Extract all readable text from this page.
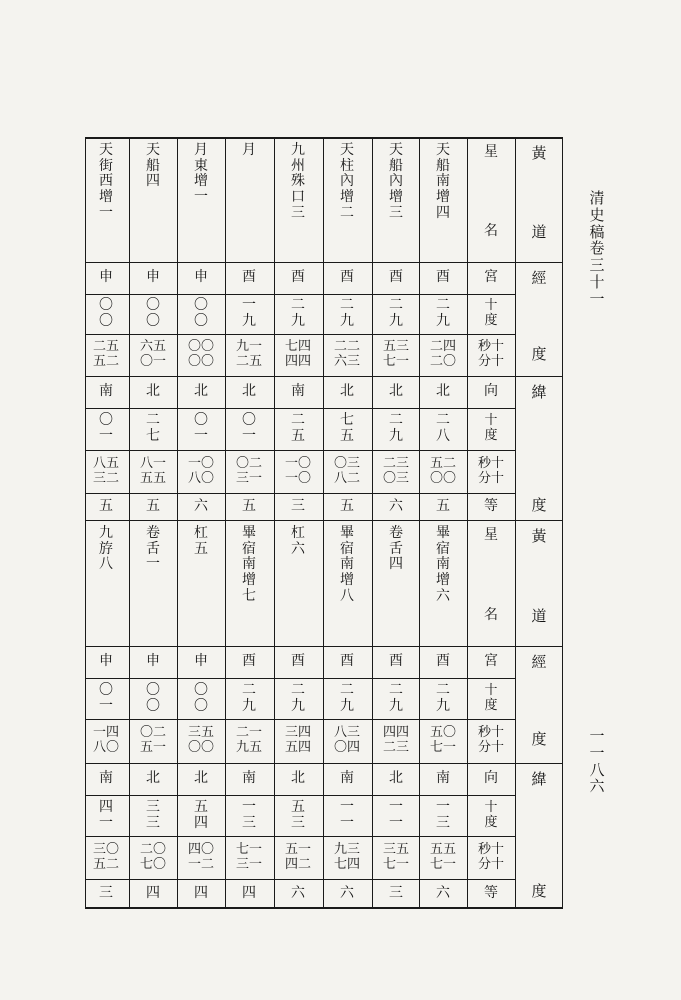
黃
道
經
度
緯
度
星
名
宮
十
度
秒
分
十
十
向
十
度
秒
分
十
十
等
天
船
南
增
四
酉
二
九
二
二
四
〇
北
二
八
五
〇
二
〇
五
天
船
內
增
三
酉
二
九
五
七
三
一
北
二
九
二
〇
三
三
六
天
柱
內
增
二
酉
二
九
二
六
二
三
北
七
五
〇
八
三
二
五
九
州
殊
口
三
酉
二
九
七
四
四
四
南
二
五
一
一
〇
〇
三
月
酉
一
九
九
二
一
五
北
〇
一
〇
三
二
一
五
月
東
增
一
申
〇
〇
〇
〇
〇
〇
北
〇
一
一
八
〇
〇
六
天
船
四
申
〇
〇
六
〇
五
一
北
二
七
八
五
一
五
五
天
街
西
增
一
申
〇
〇
二
五
五
二
南
〇
一
八
三
五
二
五
黃
道
經
度
緯
度
星
名
宮
十
度
秒
分
十
十
向
十
度
秒
分
十
十
等
畢
宿
南
增
六
酉
二
九
五
七
〇
一
南
一
三
五
七
五
一
六
卷
舌
四
酉
二
九
四
二
四
三
北
一
一
三
七
五
一
三
畢
宿
南
增
八
酉
二
九
八
〇
三
四
南
一
一
九
七
三
四
六
杠
六
酉
二
九
三
五
四
四
北
五
三
五
四
一
二
六
畢
宿
南
增
七
酉
二
九
二
九
一
五
南
一
三
七
三
一
一
四
杠
五
申
〇
〇
三
〇
五
〇
北
五
四
四
一
〇
二
四
卷
舌
一
申
〇
〇
〇
五
二
一
北
三
三
二
七
〇
〇
四
九
斿
八
申
〇
一
一
八
四
〇
南
四
一
三
五
〇
二
三
清
史
稿
卷
三
十
一
一
一
八
六
